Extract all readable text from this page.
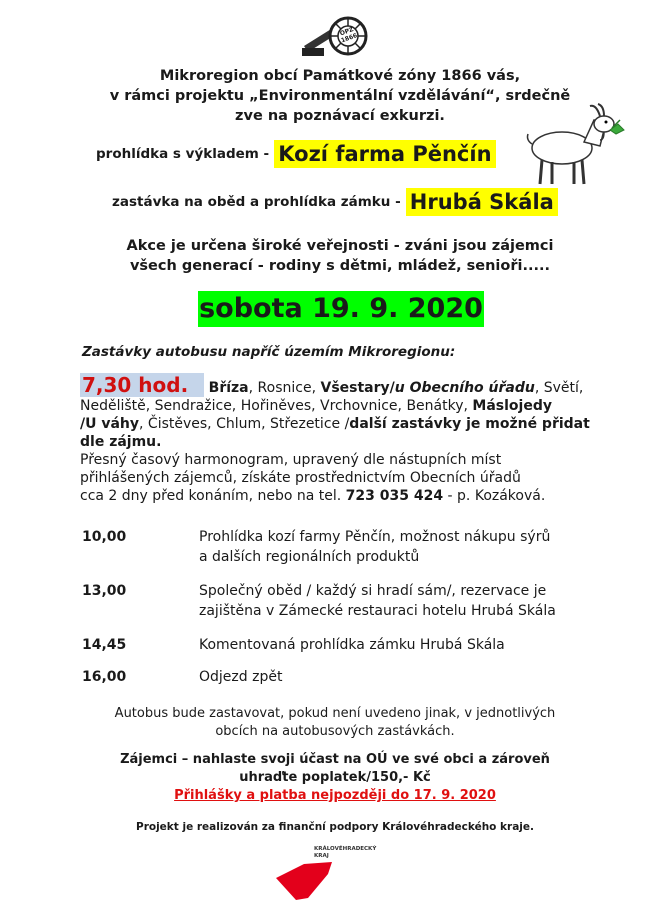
OPZ 1866
Mikroregion obcí Památkové zóny 1866 vás,
v rámci projektu „Environmentální vzdělávání“, srdečně
zve na poznávací exkurzi.
prohlídka s výkladem - Kozí farma Pěnčín
zastávka na oběd a prohlídka zámku - Hrubá Skála
Akce je určena široké veřejnosti - zváni jsou zájemci
všech generací - rodiny s dětmi, mládež, senioři.....
sobota 19. 9. 2020
Zastávky autobusu napříč územím Mikroregionu:
7,30 hod. Bříza, Rosnice, Všestary/u Obecního úřadu, Světí,
Neděliště, Sendražice, Hořiněves, Vrchovnice, Benátky, Máslojedy
/U váhy, Čistěves, Chlum, Střezetice /další zastávky je možné přidat dle zájmu.
Přesný časový harmonogram, upravený dle nástupních míst
přihlášených zájemců, získáte prostřednictvím Obecních úřadů
cca 2 dny před konáním, nebo na tel. 723 035 424 - p. Kozáková.
10,00	Prohlídka kozí farmy Pěnčín, možnost nákupu sýrů
a dalších regionálních produktů
13,00	Společný oběd / každý si hradí sám/, rezervace je
zajištěna v Zámecké restauraci hotelu Hrubá Skála
14,45	Komentovaná prohlídka zámku Hrubá Skála
16,00	Odjezd zpět
Autobus bude zastavovat, pokud není uvedeno jinak, v jednotlivých
obcích na autobusových zastávkách.
Zájemci – nahlaste svoji účast na OÚ ve své obci a zároveň
uhraďte poplatek/150,- Kč
Přihlášky a platba nejpozději do 17. 9. 2020
Projekt je realizován za finanční podpory Královéhradeckého kraje.
KRÁLOVÉHRADECKÝ
KRAJ
